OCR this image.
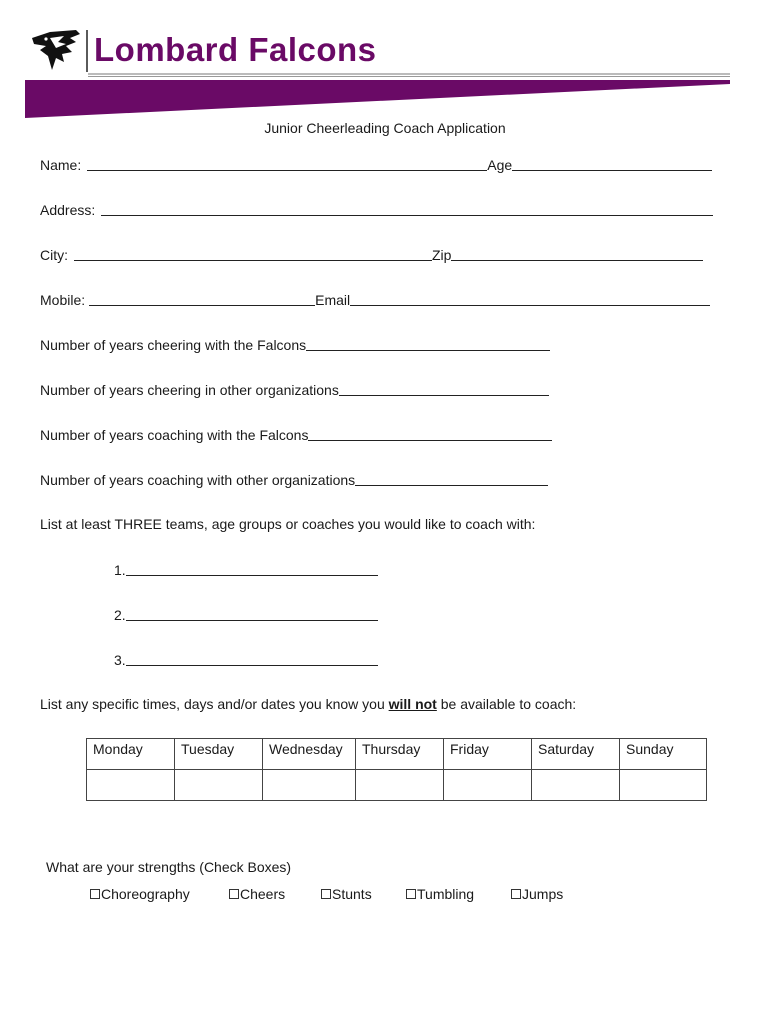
Lombard Falcons
Junior Cheerleading Coach Application
Name:	Age
Address:
City:	Zip
Mobile:	Email
Number of years cheering with the Falcons
Number of years cheering in other organizations
Number of years coaching with the Falcons
Number of years coaching with other organizations
List at least THREE teams, age groups or coaches you would like to coach with:
1.
2.
3.
List any specific times, days and/or dates you know you will not be available to coach:
Monday	Tuesday	Wednesday	Thursday	Friday	Saturday	Sunday

What are your strengths (Check Boxes)
Choreography	Cheers	Stunts	Tumbling	Jumps
